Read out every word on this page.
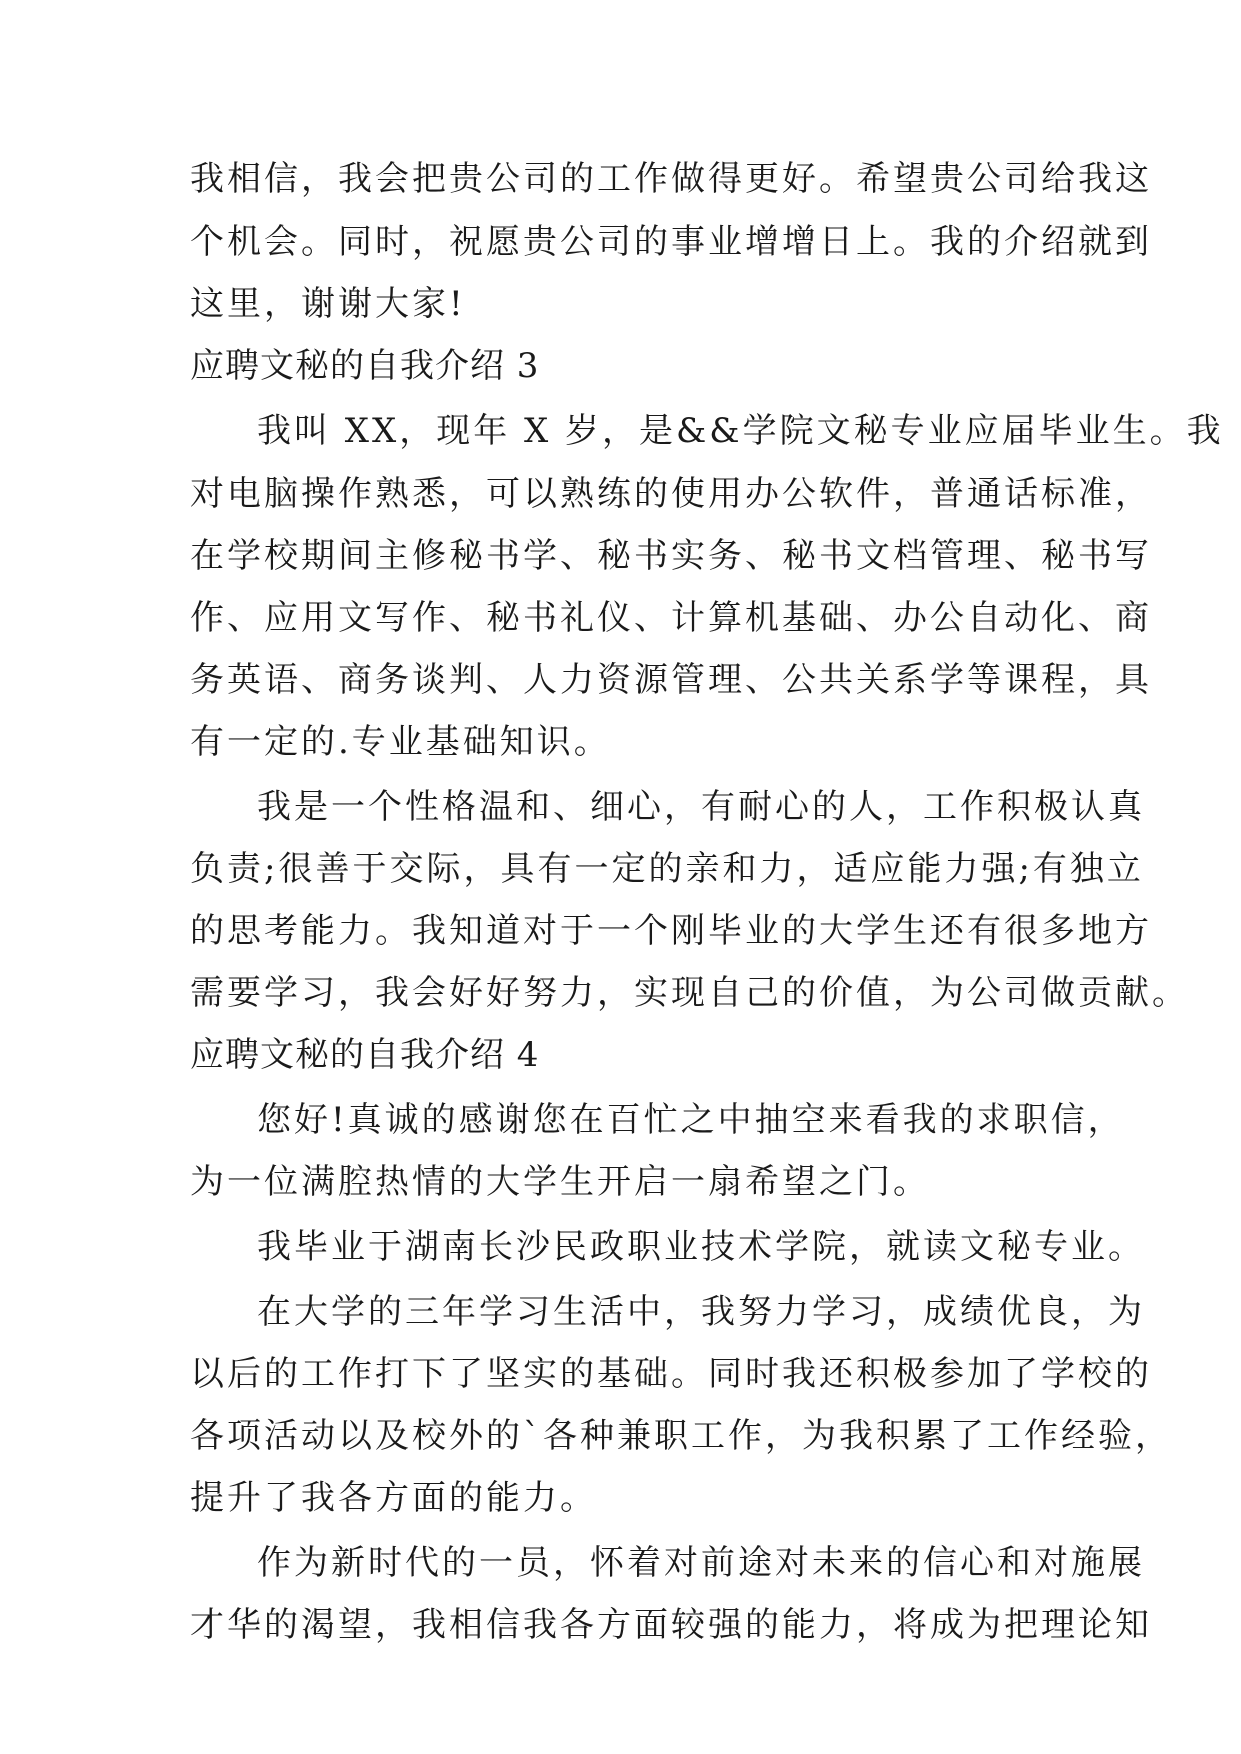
我相信，我会把贵公司的工作做得更好。希望贵公司给我这
个机会。同时，祝愿贵公司的事业增增日上。我的介绍就到
这里，谢谢大家!
应聘文秘的自我介绍 3
我叫 XX，现年 X 岁，是&&学院文秘专业应届毕业生。我
对电脑操作熟悉，可以熟练的使用办公软件，普通话标准，
在学校期间主修秘书学、秘书实务、秘书文档管理、秘书写
作、应用文写作、秘书礼仪、计算机基础、办公自动化、商
务英语、商务谈判、人力资源管理、公共关系学等课程，具
有一定的.专业基础知识。
我是一个性格温和、细心，有耐心的人，工作积极认真
负责;很善于交际，具有一定的亲和力，适应能力强;有独立
的思考能力。我知道对于一个刚毕业的大学生还有很多地方
需要学习，我会好好努力，实现自己的价值，为公司做贡献。
应聘文秘的自我介绍 4
您好!真诚的感谢您在百忙之中抽空来看我的求职信，
为一位满腔热情的大学生开启一扇希望之门。
我毕业于湖南长沙民政职业技术学院，就读文秘专业。
在大学的三年学习生活中，我努力学习，成绩优良，为
以后的工作打下了坚实的基础。同时我还积极参加了学校的
各项活动以及校外的`各种兼职工作，为我积累了工作经验，
提升了我各方面的能力。
作为新时代的一员，怀着对前途对未来的信心和对施展
才华的渴望，我相信我各方面较强的能力，将成为把理论知
